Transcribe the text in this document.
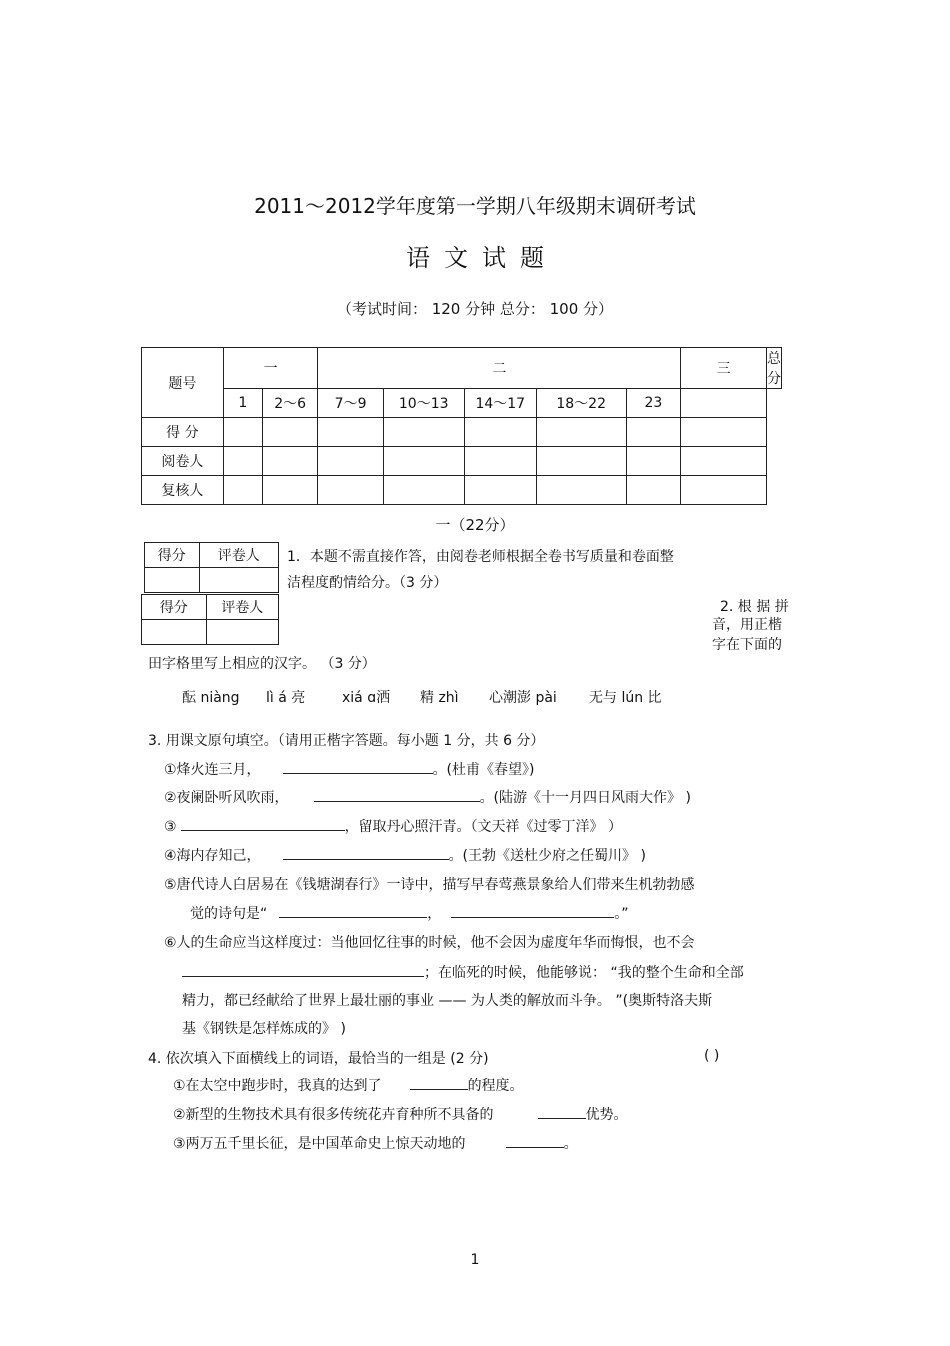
2011～2012学年度第一学期八年级期末调研考试
语文试题
（考试时间： 120 分钟 总分： 100 分）
题号	一		二					三	总 分
	1	2～6	7～9	10～13	14～17	18～22	23		
得 分									
阅卷人									
复核人									
一（22分）
得分	评卷人

得分	评卷人

1．本题不需直接作答，由阅卷老师根据全卷书写质量和卷面整
洁程度酌情给分。（3 分）
2. 根 据 拼
音，用正楷
字在下面的
田字格里写上相应的汉字。 （3 分）
酝 niàng lì á 亮	xiá ɑ洒 精 zhì 心潮澎 pài 无与 lún 比
3. 用课文原句填空。（请用正楷字答题。每小题 1 分，共 6 分）
①烽火连三月，	。(杜甫《春望》)
②夜阑卧听风吹雨，	。(陆游《十一月四日风雨大作》 )
③	，留取丹心照汗青。（文天祥《过零丁洋》 ）
④海内存知己，	。(王勃《送杜少府之任蜀川》 )
⑤唐代诗人白居易在《钱塘湖春行》一诗中，描写早春莺燕景象给人们带来生机勃勃感
觉的诗句是“	，	。”
⑥人的生命应当这样度过：当他回忆往事的时候，他不会因为虚度年华而悔恨，也不会
；在临死的时候，他能够说： “我的整个生命和全部
精力，都已经献给了世界上最壮丽的事业 —— 为人类的解放而斗争。 ”(奥斯特洛夫斯
基《钢铁是怎样炼成的》 )
4. 依次填入下面横线上的词语，最恰当的一组是 (2 分)	( )
①在太空中跑步时，我真的达到了	的程度。
②新型的生物技术具有很多传统花卉育种所不具备的	优势。
③两万五千里长征，是中国革命史上惊天动地的	。
1
